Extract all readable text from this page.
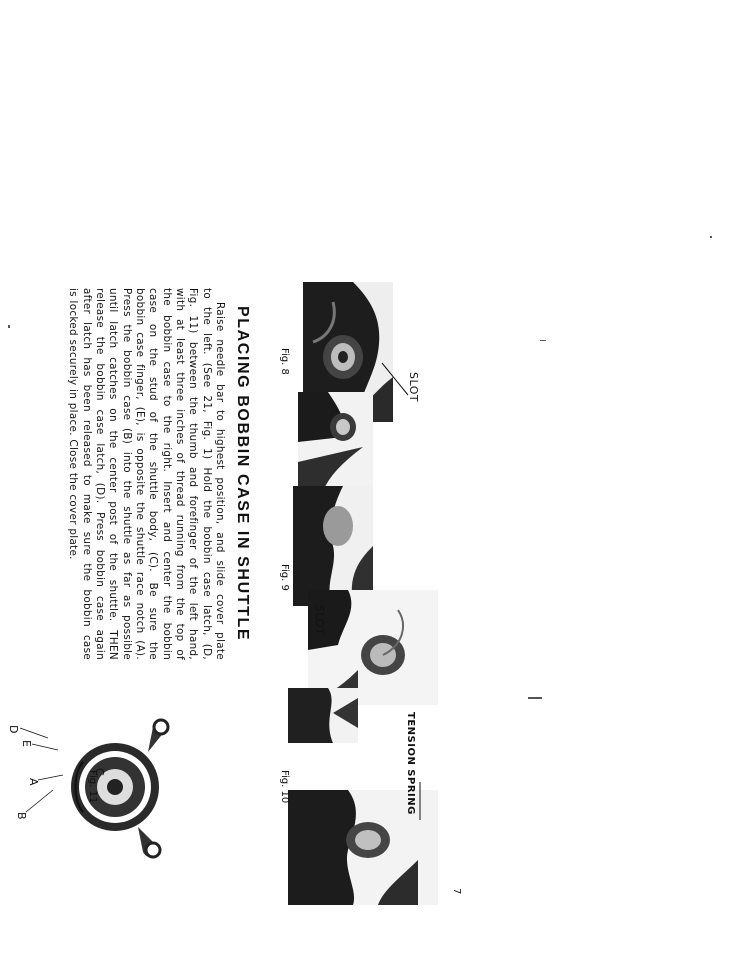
SLOT
Fig. 8
SLOT
Fig. 9
TENSION SPRING
Fig. 10
D
E
A
B
C
Fig. 11
PLACING BOBBIN CASE IN SHUTTLE
Raise needle bar to highest position, and slide cover plate
to the left. (See 21, Fig. 1) Hold the bobbin case latch, (D,
Fig. 11) between the thumb and forefinger of the left hand,
with at least three inches of thread running from the top of
the bobbin case to the right. Insert and center the bobbin
case on the stud of the shuttle body, (C). Be sure the
bobbin case finger, (E), is opposite the shuttle race notch (A).
Press the bobbin case (B) into the shuttle as far as possible
until latch catches on the center post of the shuttle. THEN
release the bobbin case latch, (D). Press bobbin case again
after latch has been released to make sure the bobbin case
is locked securely in place. Close the cover plate.
7
